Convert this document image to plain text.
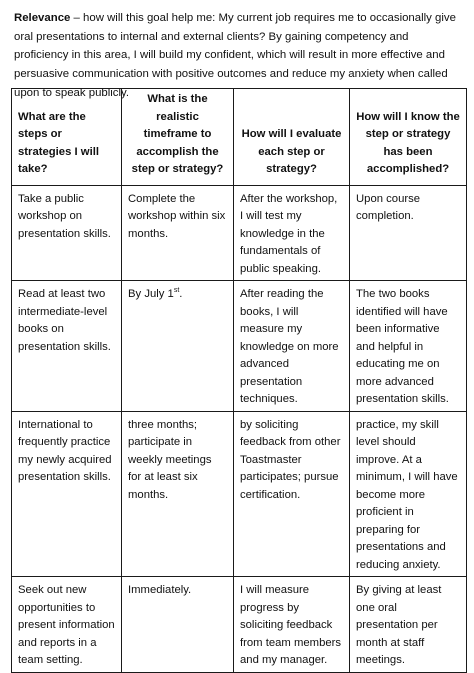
Relevance – how will this goal help me: My current job requires me to occasionally give oral presentations to internal and external clients? By gaining competency and proficiency in this area, I will build my confident, which will result in more effective and persuasive communication with positive outcomes and reduce my anxiety when called upon to speak publicly.
What are the steps or strategies I will take?	What is the realistic timeframe to accomplish the step or strategy?	How will I evaluate each step or strategy?	How will I know the step or strategy has been accomplished?
Take a public workshop on presentation skills.	Complete the workshop within six months.	After the workshop, I will test my knowledge in the fundamentals of public speaking.	Upon course completion.
Read at least two intermediate-level books on presentation skills.	By July 1st.	After reading the books, I will measure my knowledge on more advanced presentation techniques.	The two books identified will have been informative and helpful in educating me on more advanced presentation skills.
International to frequently practice my newly acquired presentation skills.	three months; participate in weekly meetings for at least six months.	by soliciting feedback from other Toastmaster participates; pursue certification.	practice, my skill level should improve. At a minimum, I will have become more proficient in preparing for presentations and reducing anxiety.
Seek out new opportunities to present information and reports in a team setting.	Immediately.	I will measure progress by soliciting feedback from team members and my manager.	By giving at least one oral presentation per month at staff meetings.
